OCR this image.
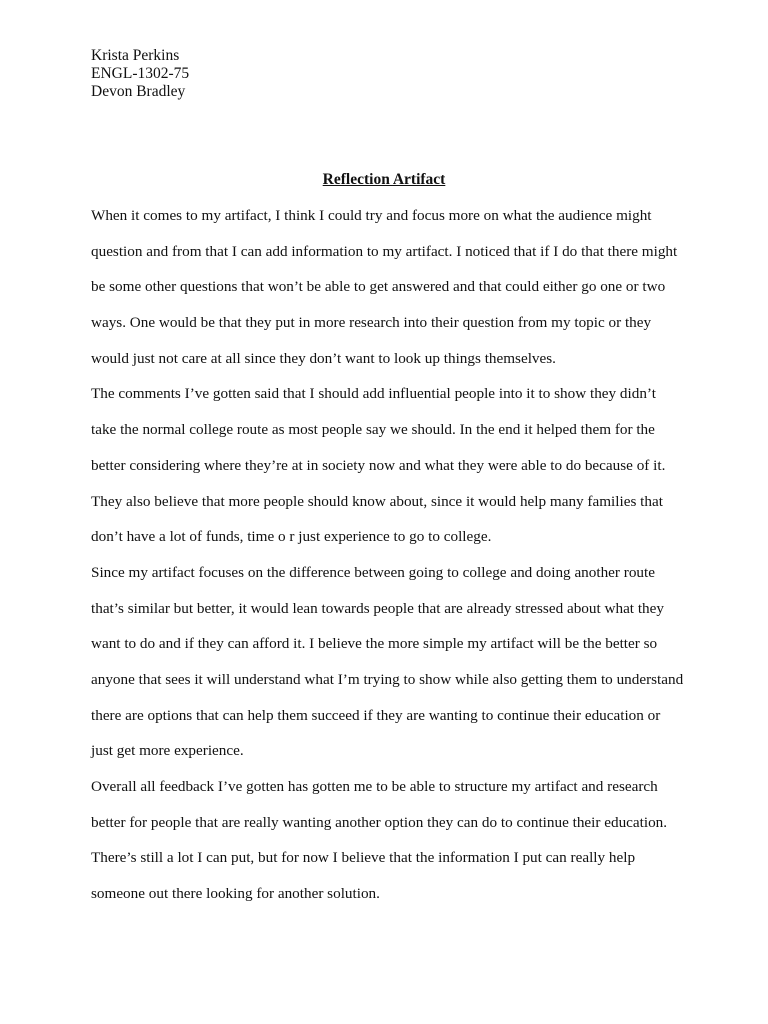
Krista Perkins
ENGL-1302-75
Devon Bradley
Reflection Artifact
When it comes to my artifact, I think I could try and focus more on what the audience might
question and from that I can add information to my artifact. I noticed that if I do that there might
be some other questions that won’t be able to get answered and that could either go one or two
ways. One would be that they put in more research into their question from my topic or they
would just not care at all since they don’t want to look up things themselves.
The comments I’ve gotten said that I should add influential people into it to show they didn’t
take the normal college route as most people say we should. In the end it helped them for the
better considering where they’re at in society now and what they were able to do because of it.
They also believe that more people should know about, since it would help many families that
don’t have a lot of funds, time o r just experience to go to college.
Since my artifact focuses on the difference between going to college and doing another route
that’s similar but better, it would lean towards people that are already stressed about what they
want to do and if they can afford it. I believe the more simple my artifact will be the better so
anyone that sees it will understand what I’m trying to show while also getting them to understand
there are options that can help them succeed if they are wanting to continue their education or
just get more experience.
Overall all feedback I’ve gotten has gotten me to be able to structure my artifact and research
better for people that are really wanting another option they can do to continue their education.
There’s still a lot I can put, but for now I believe that the information I put can really help
someone out there looking for another solution.
